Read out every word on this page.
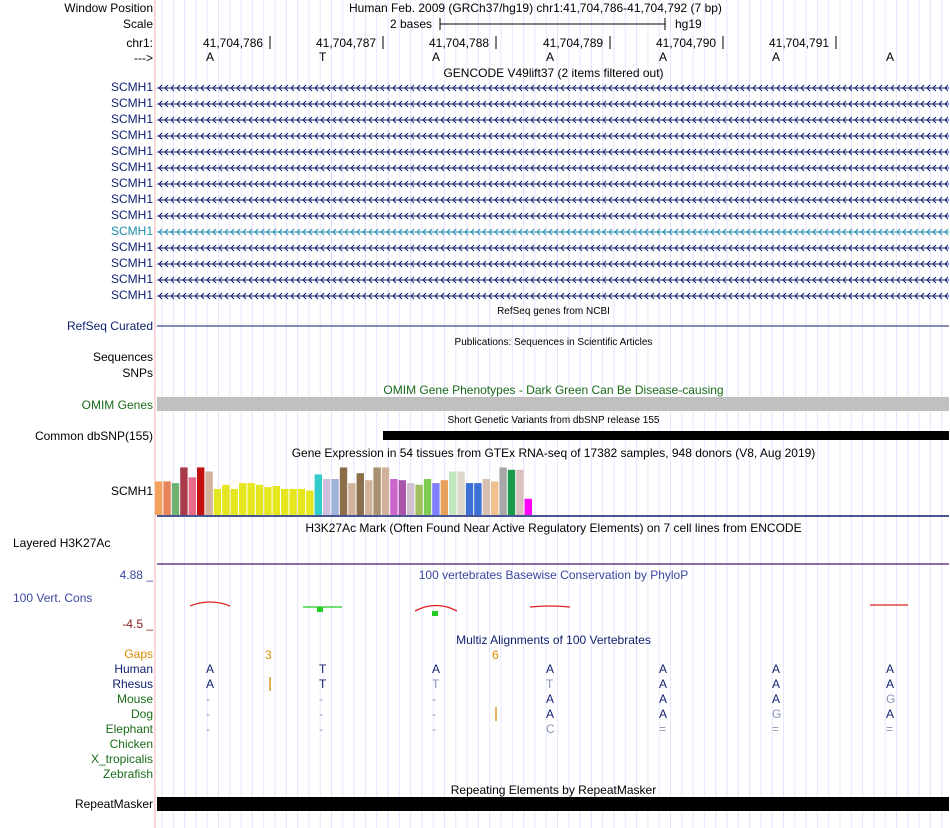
Window Position	Human Feb. 2009 (GRCh37/hg19) chr1:41,704,786-41,704,792 (7 bp)
Scale	2 bases	hg19
chr1:	41,704,786	41,704,787	41,704,788	41,704,789	41,704,790	41,704,791
--->
GENCODE V49lift37 (2 items filtered out)
RefSeq genes from NCBI
RefSeq Curated
Publications: Sequences in Scientific Articles
Sequences
SNPs
OMIM Gene Phenotypes - Dark Green Can Be Disease-causing
OMIM Genes
Short Genetic Variants from dbSNP release 155
Common dbSNP(155)
Gene Expression in 54 tissues from GTEx RNA-seq of 17382 samples, 948 donors (V8, Aug 2019)
SCMH1
H3K27Ac Mark (Often Found Near Active Regulatory Elements) on 7 cell lines from ENCODE
Layered H3K27Ac
100 vertebrates Basewise Conservation by PhyloP
4.88 _
100 Vert. Cons
-4.5 _
Multiz Alignments of 100 Vertebrates
Gaps	3	6
Repeating Elements by RepeatMasker
RepeatMasker
A	T	A	A	A	A	A
SCMH1
SCMH1
SCMH1
SCMH1
SCMH1
SCMH1
SCMH1
SCMH1
SCMH1
SCMH1
SCMH1
SCMH1
SCMH1
SCMH1
Human	A	T	A	A	A	A	A
Rhesus	A	T	T	T	A	A	A
Mouse	-	-	-	A	A	A	G
Dog	-	-	-	A	A	G	A
Elephant	-	-	-	C	=	=	=
Chicken
X_tropicalis
Zebrafish
